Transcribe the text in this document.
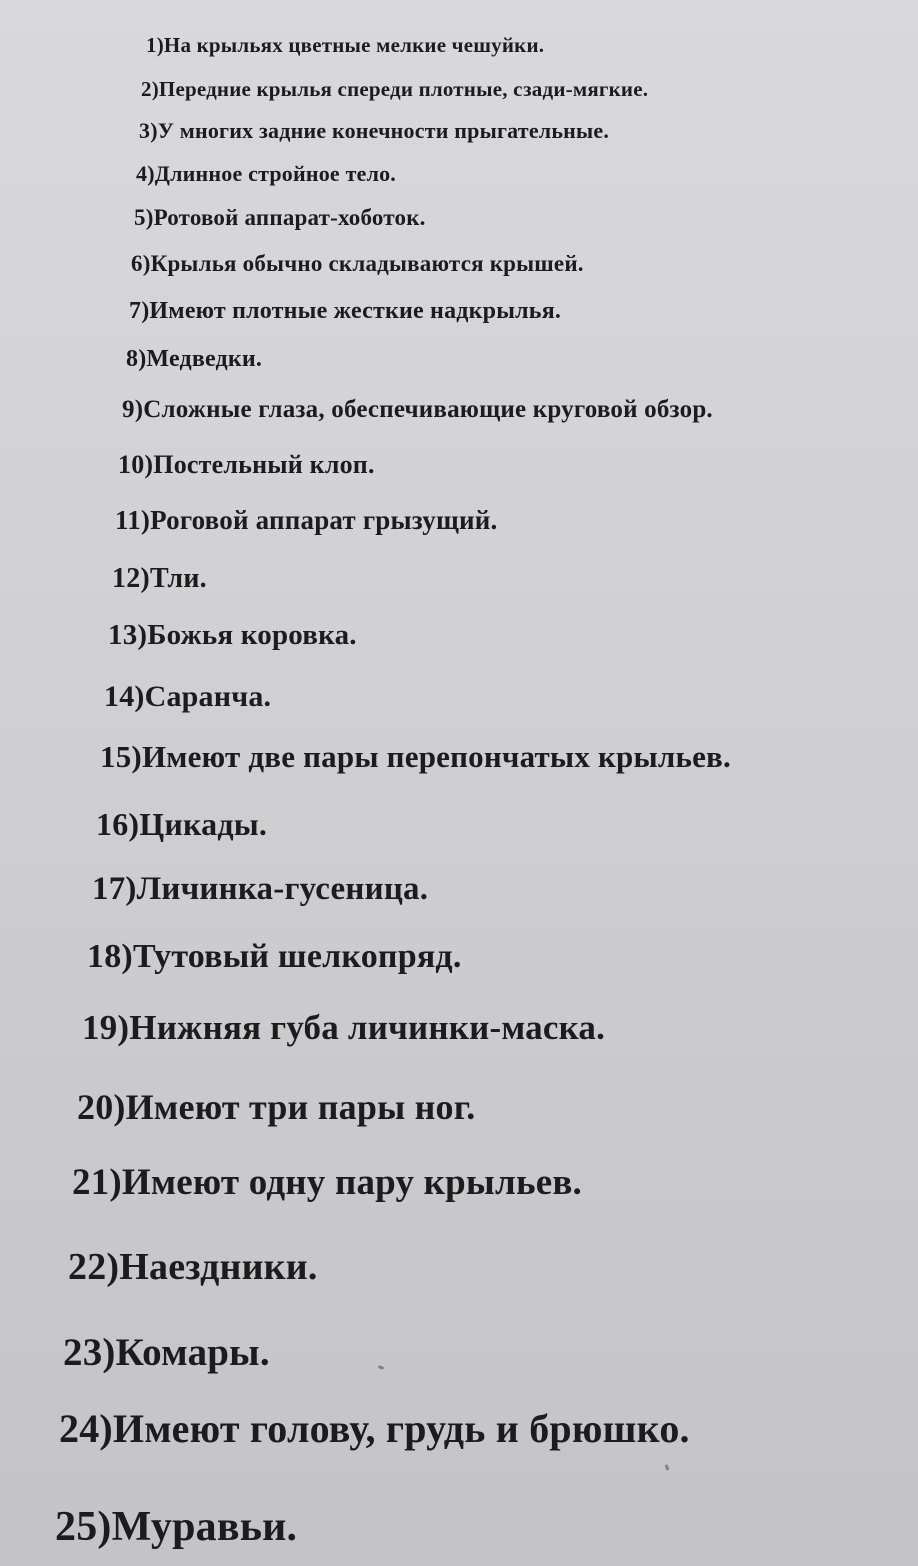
1)На крыльях цветные мелкие чешуйки.
2)Передние крылья спереди плотные, сзади-мягкие.
3)У многих задние конечности прыгательные.
4)Длинное стройное тело.
5)Ротовой аппарат-хоботок.
6)Крылья обычно складываются крышей.
7)Имеют плотные жесткие надкрылья.
8)Медведки.
9)Сложные глаза, обеспечивающие круговой обзор.
10)Постельный клоп.
11)Роговой аппарат грызущий.
12)Тли.
13)Божья коровка.
14)Саранча.
15)Имеют две пары перепончатых крыльев.
16)Цикады.
17)Личинка-гусеница.
18)Тутовый шелкопряд.
19)Нижняя губа личинки-маска.
20)Имеют три пары ног.
21)Имеют одну пару крыльев.
22)Наездники.
23)Комары.
24)Имеют голову, грудь и брюшко.
25)Муравьи.
